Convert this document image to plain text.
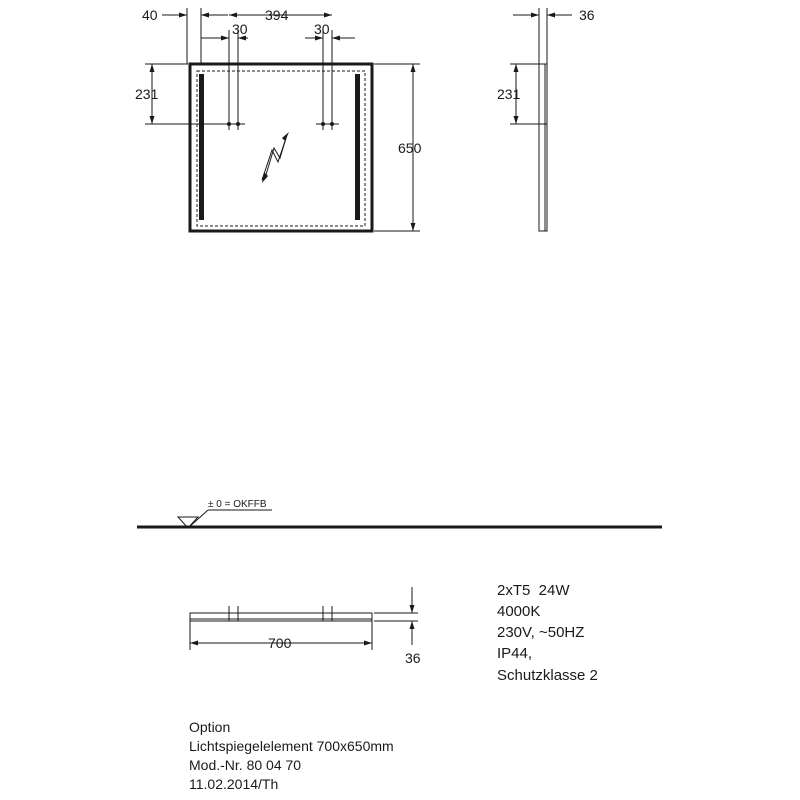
40	394
30	30
231
650
36
231
± 0 = OKFFB
700
36
2xT5  24W
4000K
230V, ~50HZ
IP44,
Schutzklasse 2
Option
Lichtspiegelelement 700x650mm
Mod.-Nr. 80 04 70
11.02.2014/Th
